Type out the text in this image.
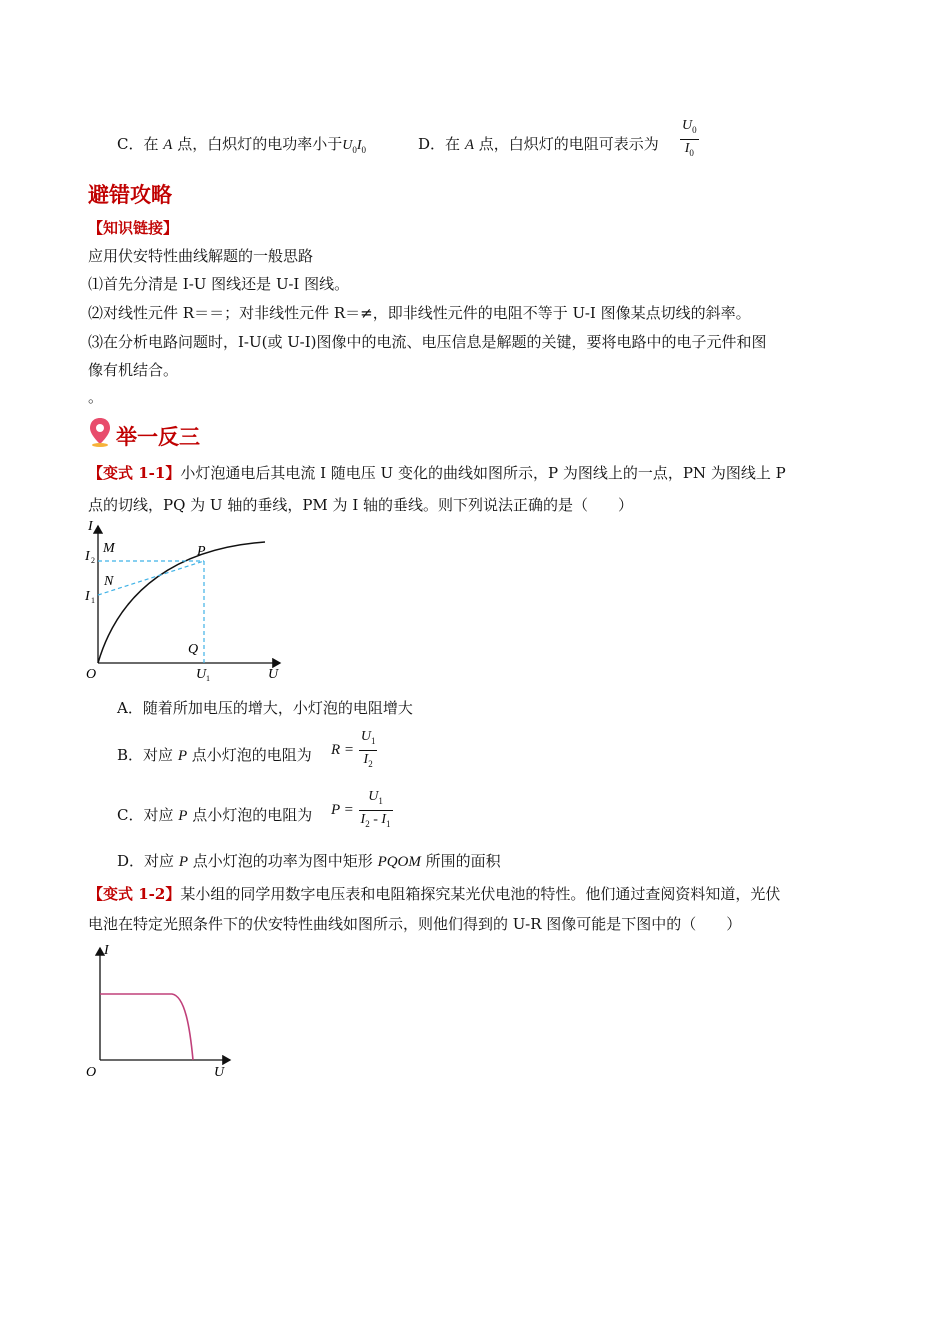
C．在 A 点，白炽灯的电功率小于$U_0I_0$	D．在 A 点，白炽灯的电阻可表示为 $\frac{U_0}{I_0}$
避错攻略
【知识链接】
应用伏安特性曲线解题的一般思路
⑴首先分清是 I-U 图线还是 U-I 图线。
⑵对线性元件 R＝＝；对非线性元件 R＝≠，即非线性元件的电阻不等于 U-I 图像某点切线的斜率。
⑶在分析电路问题时，I-U(或 U-I)图像中的电流、电压信息是解题的关键，要将电路中的电子元件和图
像有机结合。
。
举一反三
【变式 1-1】小灯泡通电后其电流 I 随电压 U 变化的曲线如图所示，P 为图线上的一点，PN 为图线上 P
点的切线，PQ 为 U 轴的垂线，PM 为 I 轴的垂线。则下列说法正确的是（　　）
I
U
O
M
N
P
Q
I 2
I 1
U 1
A．随着所加电压的增大，小灯泡的电阻增大
B．对应 P 点小灯泡的电阻为 $R = \frac{U_1}{I_2}$
C．对应 P 点小灯泡的电阻为 $P = \frac{U_1}{I_2 - I_1}$
D．对应 P 点小灯泡的功率为图中矩形 PQOM 所围的面积
【变式 1-2】某小组的同学用数字电压表和电阻箱探究某光伏电池的特性。他们通过查阅资料知道，光伏
电池在特定光照条件下的伏安特性曲线如图所示，则他们得到的 U-R 图像可能是下图中的（　　）
I
U
O
